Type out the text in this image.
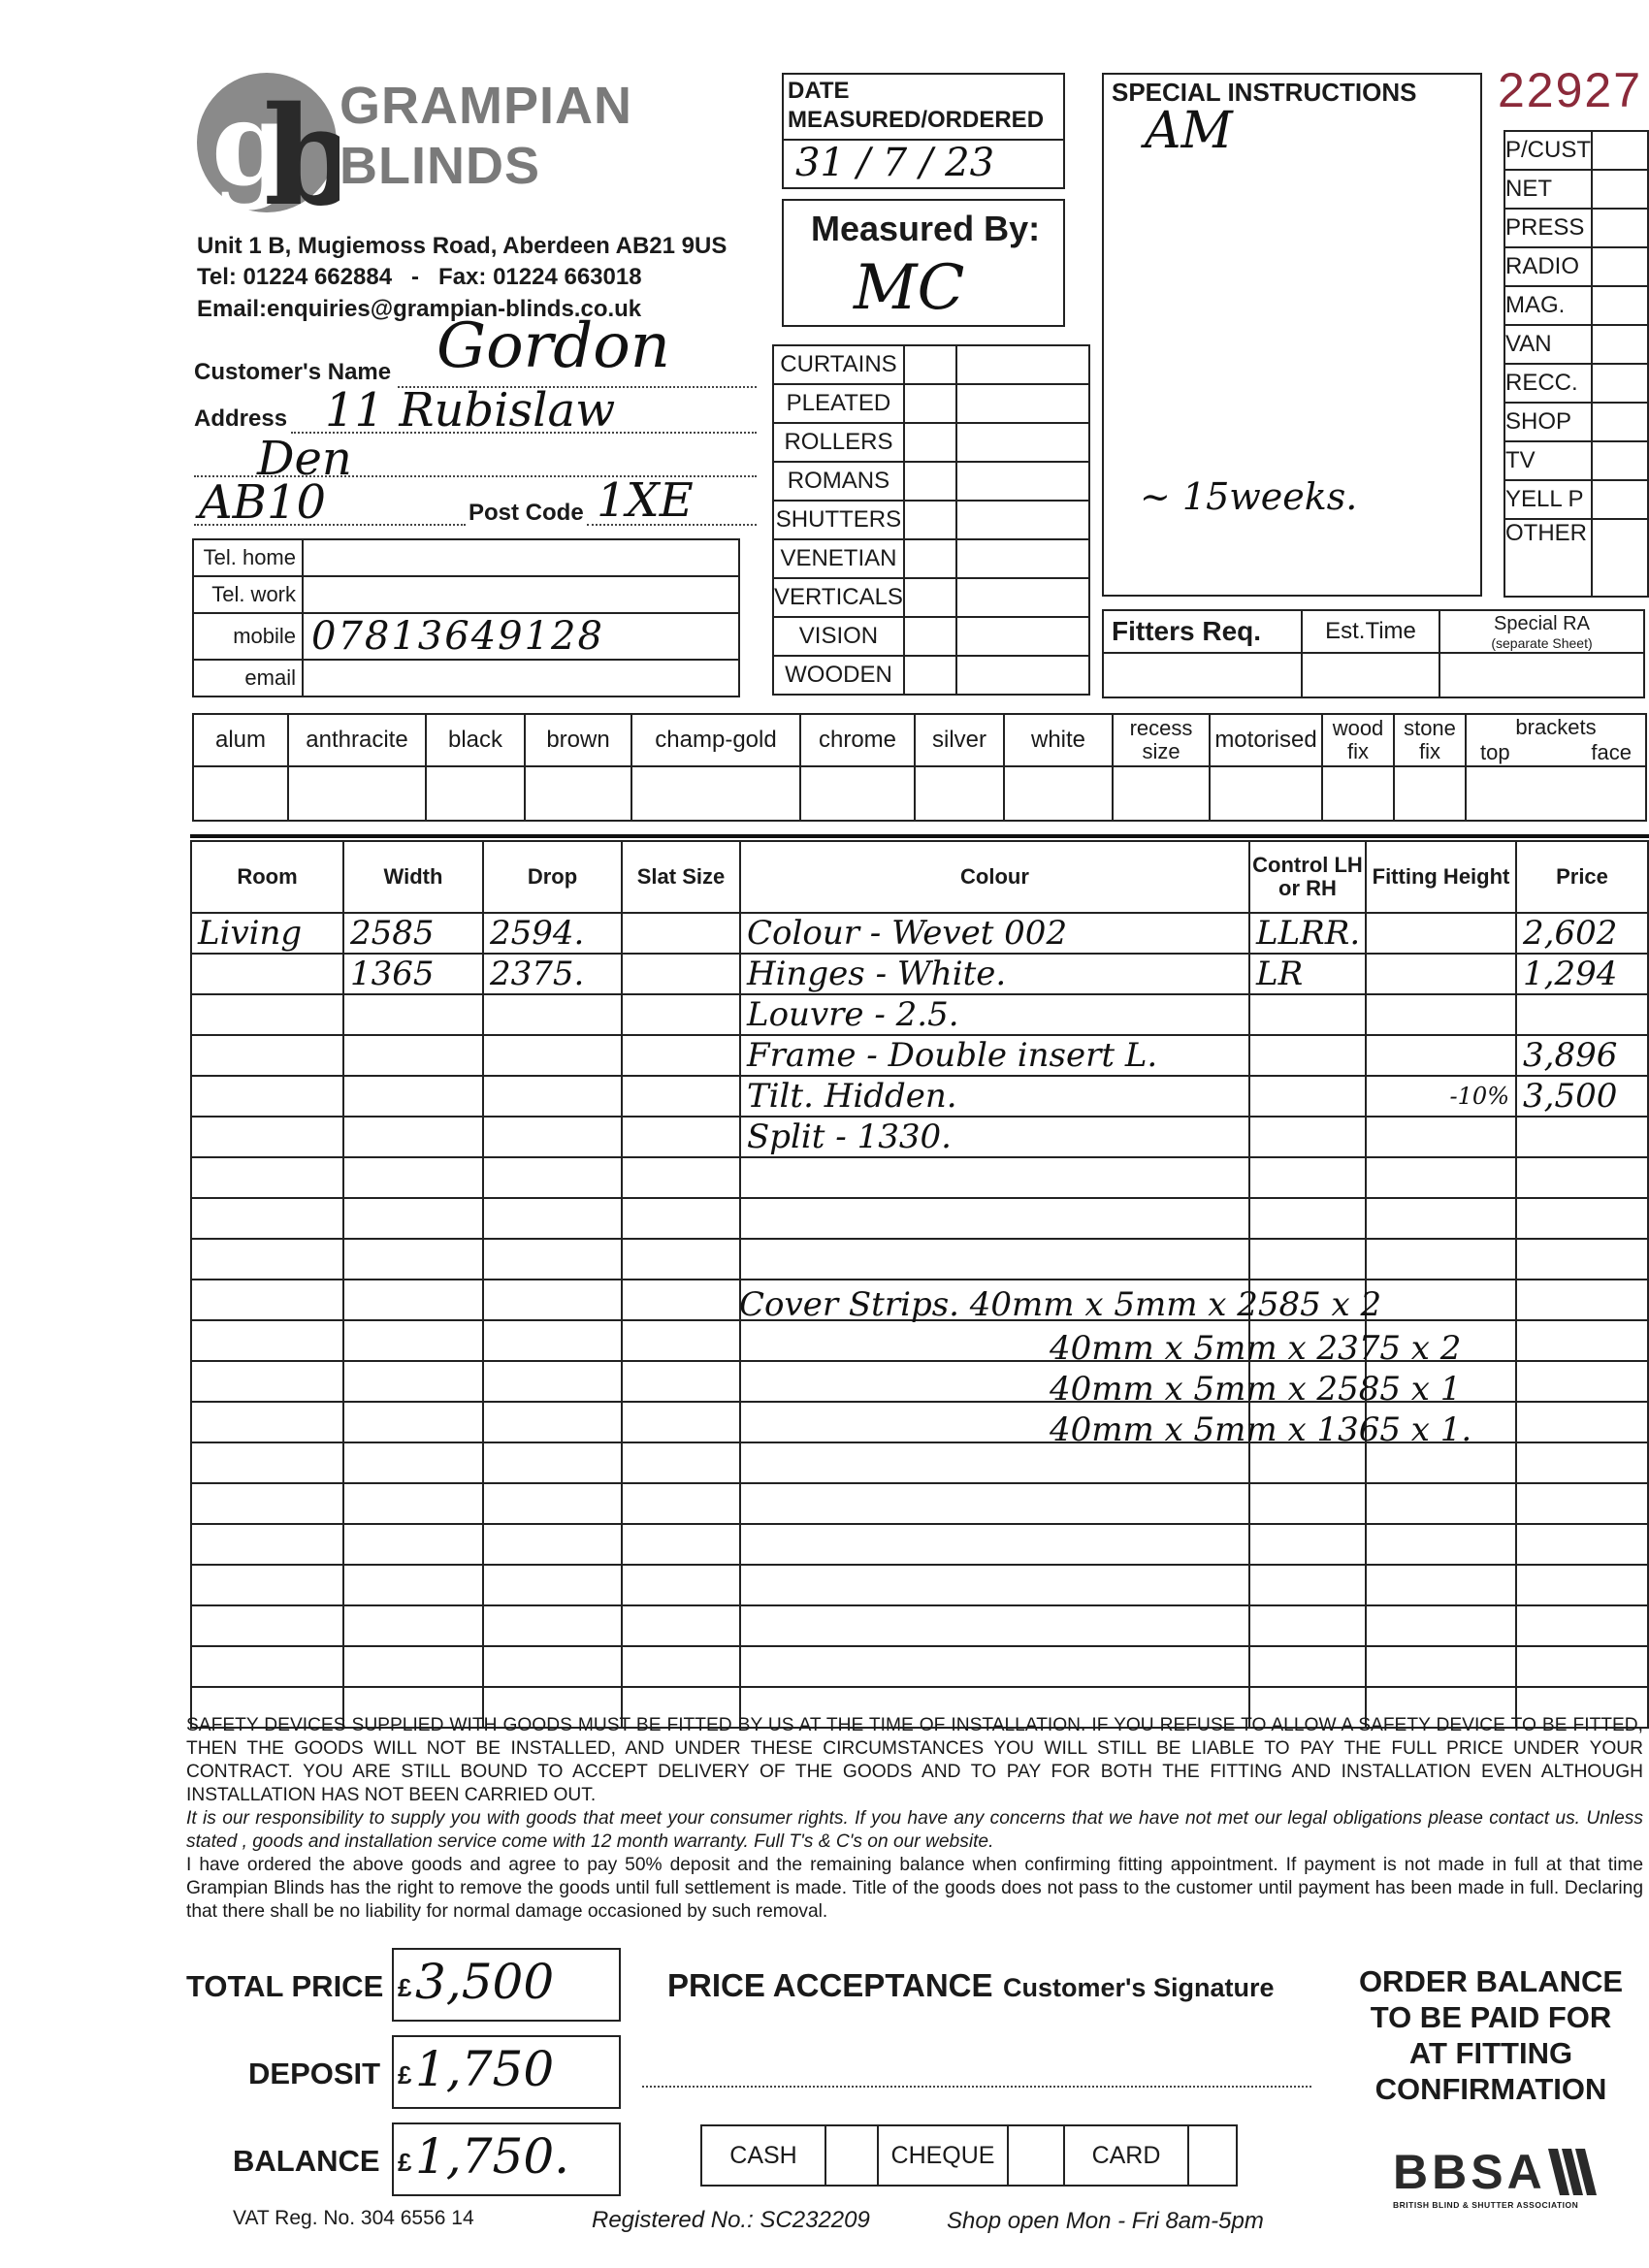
g
b
GRAMPIAN
BLINDS
Unit 1 B, Mugiemoss Road, Aberdeen AB21 9US
Tel: 01224 662884   -   Fax: 01224 663018
Email:enquiries@grampian-blinds.co.uk
DATE
MEASURED/ORDERED
31 / 7 / 23
Measured By:
MC
SPECIAL INSTRUCTIONS
AM
~ 15weeks.
22927
P/CUST	
NET	
PRESS	
RADIO	
MAG.	
VAN	
RECC.	
SHOP	
TV	
YELL P	
OTHER	
CURTAINS		
PLEATED		
ROLLERS		
ROMANS		
SHUTTERS		
VENETIAN		
VERTICALS		
VISION		
WOODEN		
Fitters Req.	Est.Time	Special RA
(separate Sheet)

Customer's Name Gordon
Address 11 Rubislaw
Den
AB10	Post Code 1XE
Tel. home	
Tel. work	
mobile	07813649128
email	
alum	anthracite	black	brown	champ-gold	chrome	silver	white	recess size	motorised	wood fix	stone fix	brackets
top face

Room	Width	Drop	Slat Size	Colour	Control LH or RH	Fitting Height	Price
Living	2585	2594.		Colour - Wevet 002	LLRR.		2,602
	1365	2375.		Hinges - White.	LR		1,294
				Louvre - 2.5.			
				Frame - Double insert L.			3,896
				Tilt. Hidden.		-10%	3,500
				Split - 1330.			

Cover Strips. 40mm x 5mm x 2585 x 2
40mm x 5mm x 2375 x 2
40mm x 5mm x 2585 x 1
40mm x 5mm x 1365 x 1.
SAFETY DEVICES SUPPLIED WITH GOODS MUST BE FITTED BY US AT THE TIME OF INSTALLATION. IF YOU REFUSE TO ALLOW A SAFETY DEVICE TO BE FITTED, THEN THE GOODS WILL NOT BE INSTALLED, AND UNDER THESE CIRCUMSTANCES YOU WILL STILL BE LIABLE TO PAY THE FULL PRICE UNDER YOUR CONTRACT. YOU ARE STILL BOUND TO ACCEPT DELIVERY OF THE GOODS AND TO PAY FOR BOTH THE FITTING AND INSTALLATION EVEN ALTHOUGH INSTALLATION HAS NOT BEEN CARRIED OUT.
It is our responsibility to supply you with goods that meet your consumer rights. If you have any concerns that we have not met our legal obligations please contact us. Unless stated , goods and installation service come with 12 month warranty. Full T's & C's on our website.
I have ordered the above goods and agree to pay 50% deposit and the remaining balance when confirming fitting appointment. If payment is not made in full at that time Grampian Blinds has the right to remove the goods until full settlement is made. Title of the goods does not pass to the customer until payment has been made in full. Declaring that there shall be no liability for normal damage occasioned by such removal.
TOTAL PRICE £ 3,500
DEPOSIT £ 1,750
BALANCE £ 1,750.
PRICE ACCEPTANCE Customer's Signature	ORDER BALANCE
TO BE PAID FOR
AT FITTING
CONFIRMATION
CASH		CHEQUE		CARD		BBSA
BRITISH BLIND & SHUTTER ASSOCIATION
VAT Reg. No. 304 6556 14	Registered No.: SC232209	Shop open Mon - Fri 8am-5pm
